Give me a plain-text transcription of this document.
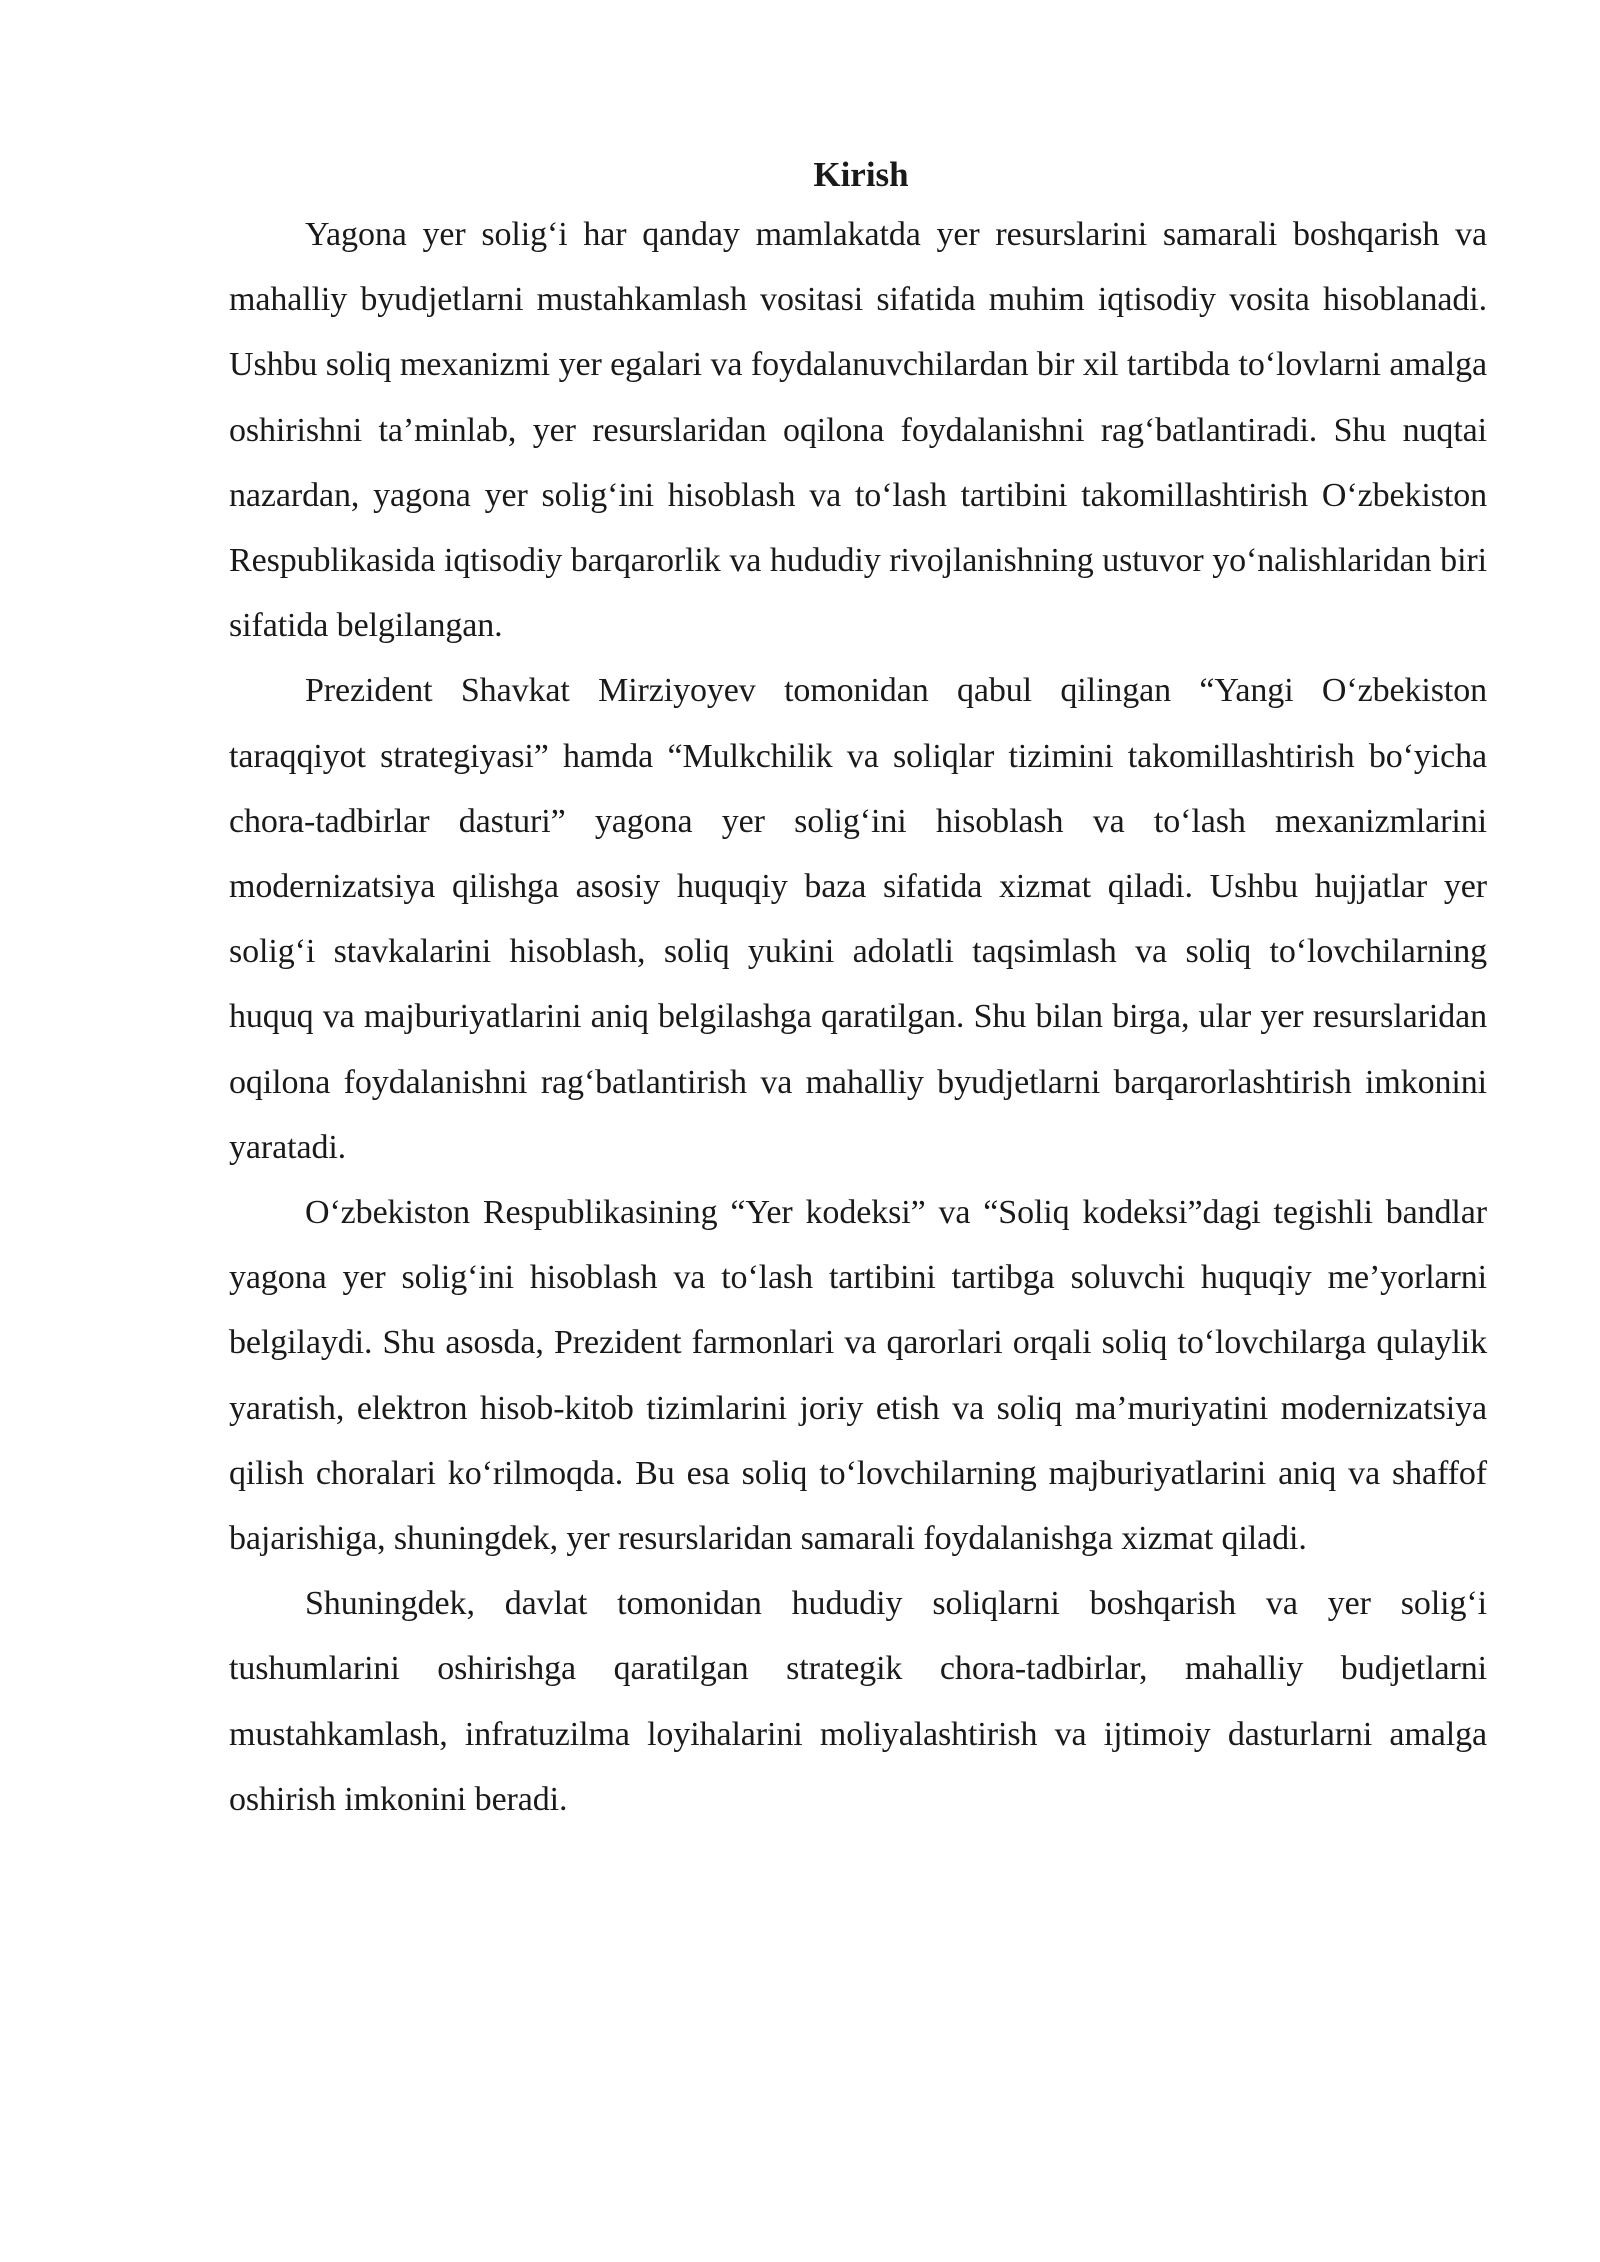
Kirish

Yagona yer solig‘i har qanday mamlakatda yer resurslarini samarali boshqarish va mahalliy byudjetlarni mustahkamlash vositasi sifatida muhim iqtisodiy vosita hisoblanadi. Ushbu soliq mexanizmi yer egalari va foydalanuvchilardan bir xil tartibda to‘lovlarni amalga oshirishni ta’minlab, yer resurslaridan oqilona foydalanishni rag‘batlantiradi. Shu nuqtai nazardan, yagona yer solig‘ini hisoblash va to‘lash tartibini takomillashtirish O‘zbekiston Respublikasida iqtisodiy barqarorlik va hududiy rivojlanishning ustuvor yo‘nalishlaridan biri sifatida belgilangan.

Prezident Shavkat Mirziyoyev tomonidan qabul qilingan “Yangi O‘zbekiston taraqqiyot strategiyasi” hamda “Mulkchilik va soliqlar tizimini takomillashtirish bo‘yicha chora-tadbirlar dasturi” yagona yer solig‘ini hisoblash va to‘lash mexanizmlarini modernizatsiya qilishga asosiy huquqiy baza sifatida xizmat qiladi. Ushbu hujjatlar yer solig‘i stavkalarini hisoblash, soliq yukini adolatli taqsimlash va soliq to‘lovchilarning huquq va majburiyatlarini aniq belgilashga qaratilgan. Shu bilan birga, ular yer resurslaridan oqilona foydalanishni rag‘batlantirish va mahalliy byudjetlarni barqarorlashtirish imkonini yaratadi.

O‘zbekiston Respublikasining “Yer kodeksi” va “Soliq kodeksi”dagi tegishli bandlar yagona yer solig‘ini hisoblash va to‘lash tartibini tartibga soluvchi huquqiy me’yorlarni belgilaydi. Shu asosda, Prezident farmonlari va qarorlari orqali soliq to‘lovchilarga qulaylik yaratish, elektron hisob-kitob tizimlarini joriy etish va soliq ma’muriyatini modernizatsiya qilish choralari ko‘rilmoqda. Bu esa soliq to‘lovchilarning majburiyatlarini aniq va shaffof bajarishiga, shuningdek, yer resurslaridan samarali foydalanishga xizmat qiladi.

Shuningdek, davlat tomonidan hududiy soliqlarni boshqarish va yer solig‘i tushumlarini oshirishga qaratilgan strategik chora-tadbirlar, mahalliy budjetlarni mustahkamlash, infratuzilma loyihalarini moliyalashtirish va ijtimoiy dasturlarni amalga oshirish imkonini beradi.
